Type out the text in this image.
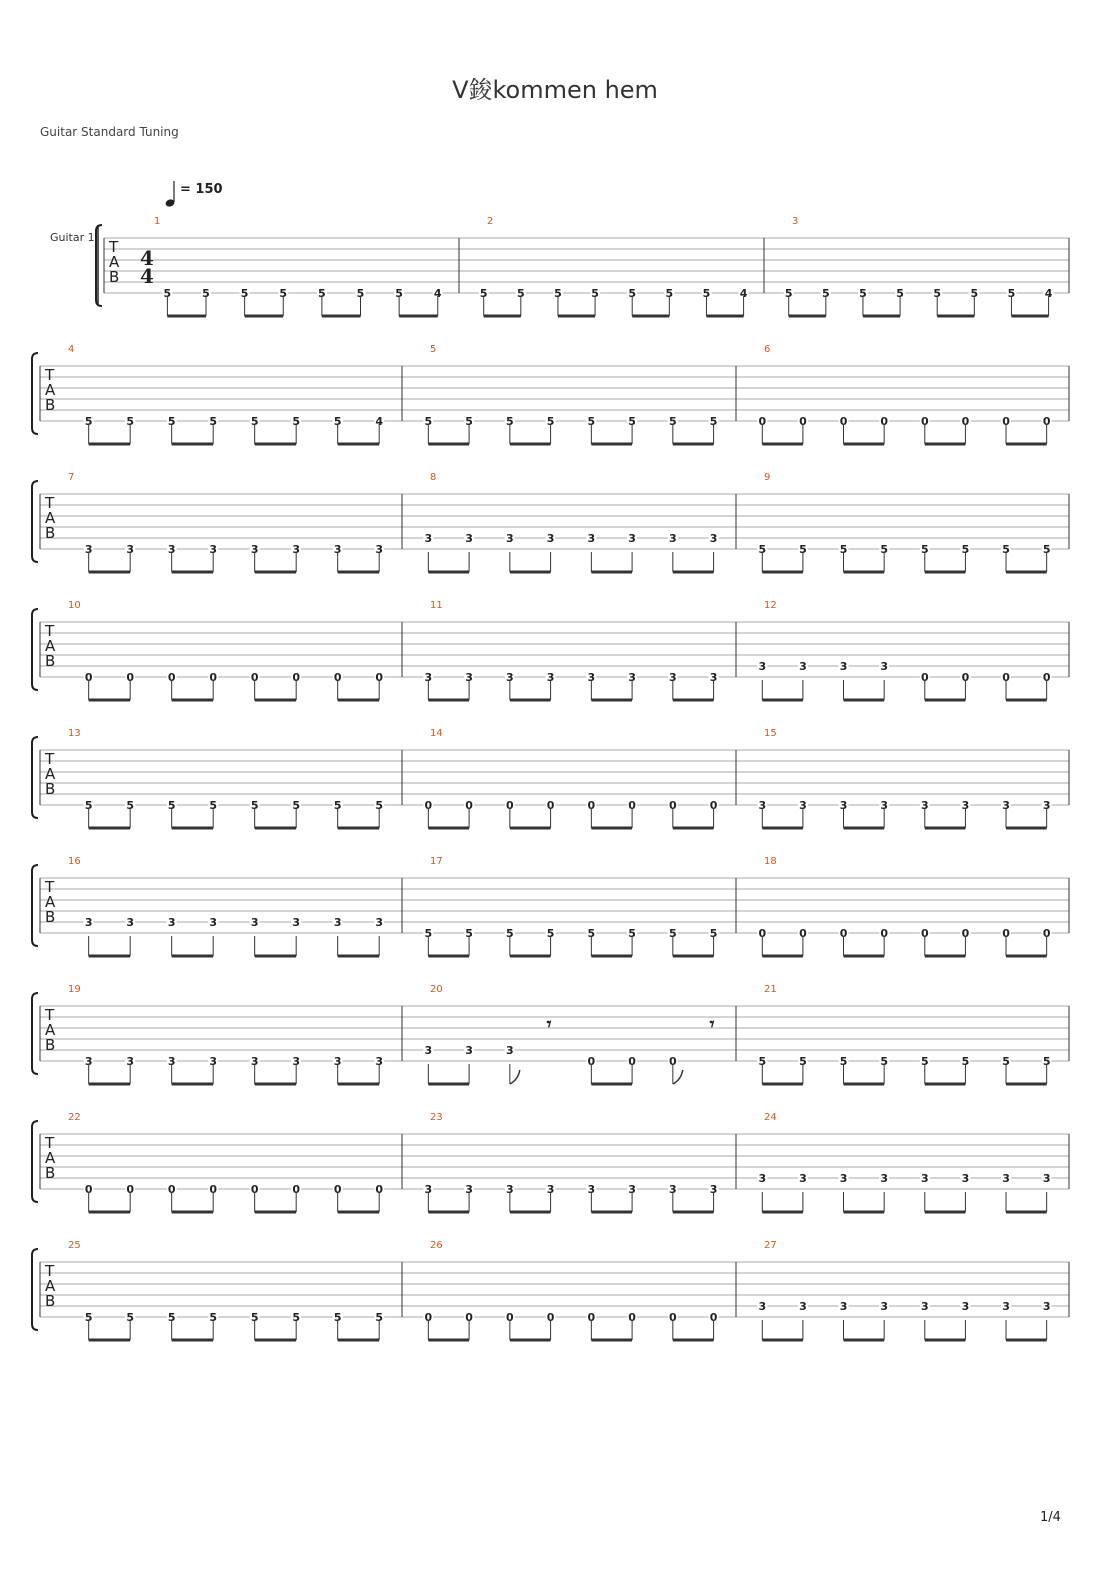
V鋑kommen hem
Guitar Standard Tuning
= 150
Guitar 1
T
A
B
4
4
1
5	5	5	5	5	5	5	4
2
5	5	5	5	5	5	5	4
3
5	5	5	5	5	5	5	4
T
A
B
4
5	5	5	5	5	5	5	4
5
5	5	5	5	5	5	5	5
6
0	0	0	0	0	0	0	0
T
A
B
7
3	3	3	3	3	3	3	3
8
3	3	3	3	3	3	3	3
9
5	5	5	5	5	5	5	5
T
A
B
10
0	0	0	0	0	0	0	0
11
3	3	3	3	3	3	3	3
12
3	3	3	3
0	0	0	0
T
A
B
13
5	5	5	5	5	5	5	5
14
0	0	0	0	0	0	0	0
15
3	3	3	3	3	3	3	3
T
A
B
16
3	3	3	3	3	3	3	3
17
5	5	5	5	5	5	5	5
18
0	0	0	0	0	0	0	0
T
A
B
19
3	3	3	3	3	3	3	3
20
3	3	3
𝄾
0	0	0
𝄾
21
5	5	5	5	5	5	5	5
T
A
B
22
0	0	0	0	0	0	0	0
23
3	3	3	3	3	3	3	3
24
3	3	3	3	3	3	3	3
T
A
B
25
5	5	5	5	5	5	5	5
26
0	0	0	0	0	0	0	0
27
3	3	3	3	3	3	3	3
1/4
